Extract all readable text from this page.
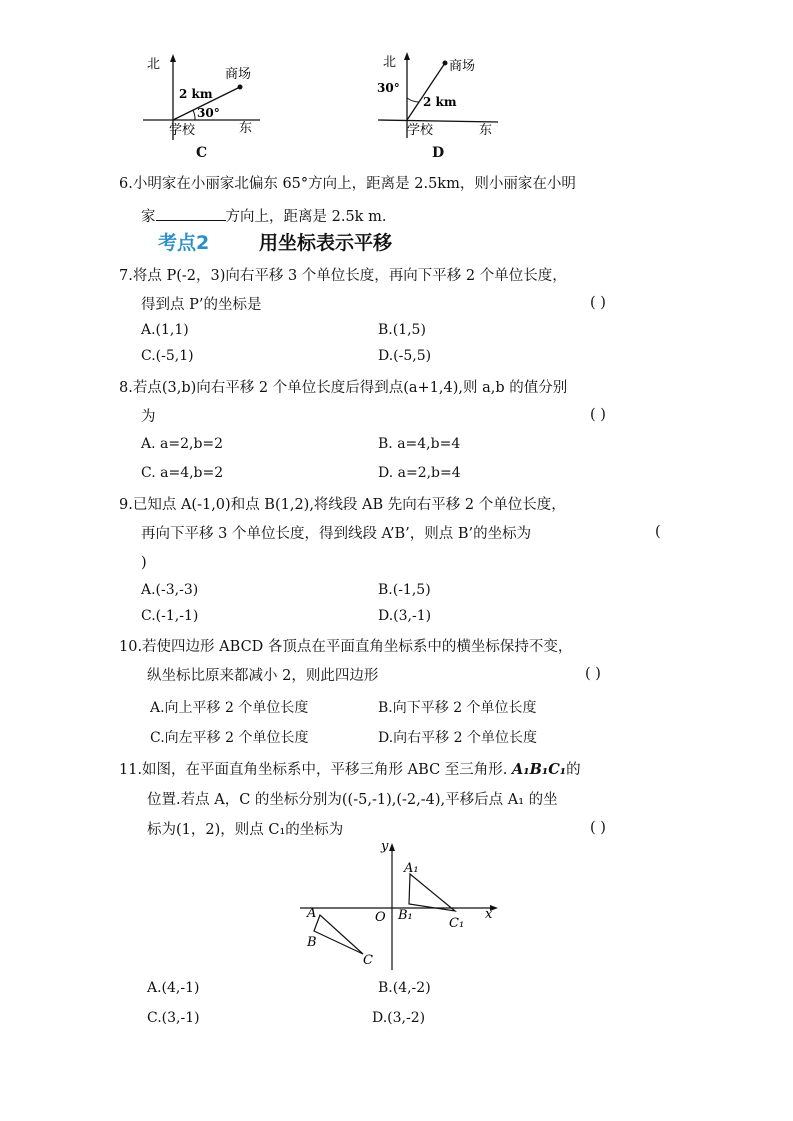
北
东
学校
商场
2 km
30°
C
北
东
学校
商场
2 km
30°
D
6.小明家在小丽家北偏东 65°方向上，距离是 2.5km，则小丽家在小明
家	方向上，距离是 2.5k m.
考点2	用坐标表示平移
7.将点 P(-2，3)向右平移 3 个单位长度，再向下平移 2 个单位长度，
得到点 P’的坐标是	( )
A.(1,1)	B.(1,5)
C.(-5,1)	D.(-5,5)
8.若点(3,b)向右平移 2 个单位长度后得到点(a+1,4),则 a,b 的值分别
为	( )
A. a=2,b=2	B. a=4,b=4
C. a=4,b=2	D. a=2,b=4
9.已知点 A(-1,0)和点 B(1,2),将线段 AB 先向右平移 2 个单位长度，
再向下平移 3 个单位长度，得到线段 A’B’，则点 B’的坐标为	(
)
A.(-3,-3)	B.(-1,5)
C.(-1,-1)	D.(3,-1)
10.若使四边形 ABCD 各顶点在平面直角坐标系中的横坐标保持不变，
纵坐标比原来都减小 2，则此四边形	( )
A.向上平移 2 个单位长度	B.向下平移 2 个单位长度
C.向左平移 2 个单位长度	D.向右平移 2 个单位长度
11.如图，在平面直角坐标系中，平移三角形 ABC 至三角形. A₁B₁C₁的
位置.若点 A，C 的坐标分别为((-5,-1),(-2,-4),平移后点 A₁ 的坐
标为(1，2)，则点 C₁的坐标为	( )
y
x
O
A
B
C
A₁
B₁
C₁
A.(4,-1)	B.(4,-2)
C.(3,-1)	D.(3,-2)
